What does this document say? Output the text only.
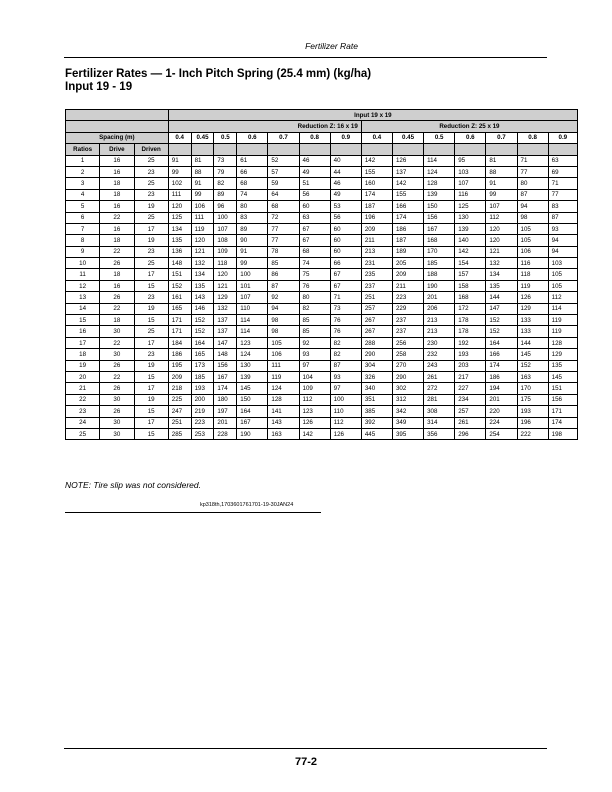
Fertilizer Rate
Fertilizer Rates — 1- Inch Pitch Spring (25.4 mm) (kg/ha)
Input 19 - 19
			Input 19 x 19													
			Reduction Z: 16 x 19							Reduction Z: 25 x 19						
Spacing (m)			0.4	0.45	0.5	0.6	0.7	0.8	0.9	0.4	0.45	0.5	0.6	0.7	0.8	0.9
Ratios	Drive	Driven														
1	16	25	91	81	73	61	52	46	40	142	126	114	95	81	71	63
2	16	23	99	88	79	66	57	49	44	155	137	124	103	88	77	69
3	18	25	102	91	82	68	59	51	46	160	142	128	107	91	80	71
4	18	23	111	99	89	74	64	56	49	174	155	139	116	99	87	77
5	16	19	120	106	96	80	68	60	53	187	166	150	125	107	94	83
6	22	25	125	111	100	83	72	63	56	196	174	156	130	112	98	87
7	16	17	134	119	107	89	77	67	60	209	186	167	139	120	105	93
8	18	19	135	120	108	90	77	67	60	211	187	168	140	120	105	94
9	22	23	136	121	109	91	78	68	60	213	189	170	142	121	106	94
10	26	25	148	132	118	99	85	74	66	231	205	185	154	132	116	103
11	18	17	151	134	120	100	86	75	67	235	209	188	157	134	118	105
12	16	15	152	135	121	101	87	76	67	237	211	190	158	135	119	105
13	26	23	161	143	129	107	92	80	71	251	223	201	168	144	126	112
14	22	19	165	146	132	110	94	82	73	257	229	206	172	147	129	114
15	18	15	171	152	137	114	98	85	76	267	237	213	178	152	133	119
16	30	25	171	152	137	114	98	85	76	267	237	213	178	152	133	119
17	22	17	184	164	147	123	105	92	82	288	256	230	192	164	144	128
18	30	23	186	165	148	124	106	93	82	290	258	232	193	166	145	129
19	26	19	195	173	156	130	111	97	87	304	270	243	203	174	152	135
20	22	15	209	185	167	139	119	104	93	326	290	261	217	186	163	145
21	26	17	218	193	174	145	124	109	97	340	302	272	227	194	170	151
22	30	19	225	200	180	150	128	112	100	351	312	281	234	201	175	156
23	26	15	247	219	197	164	141	123	110	385	342	308	257	220	193	171
24	30	17	251	223	201	167	143	126	112	392	349	314	261	224	196	174
25	30	15	285	253	228	190	163	142	126	445	395	356	296	254	222	198
NOTE: Tire slip was not considered.
kp318th,1703601761701-19-30JAN24
77-2
